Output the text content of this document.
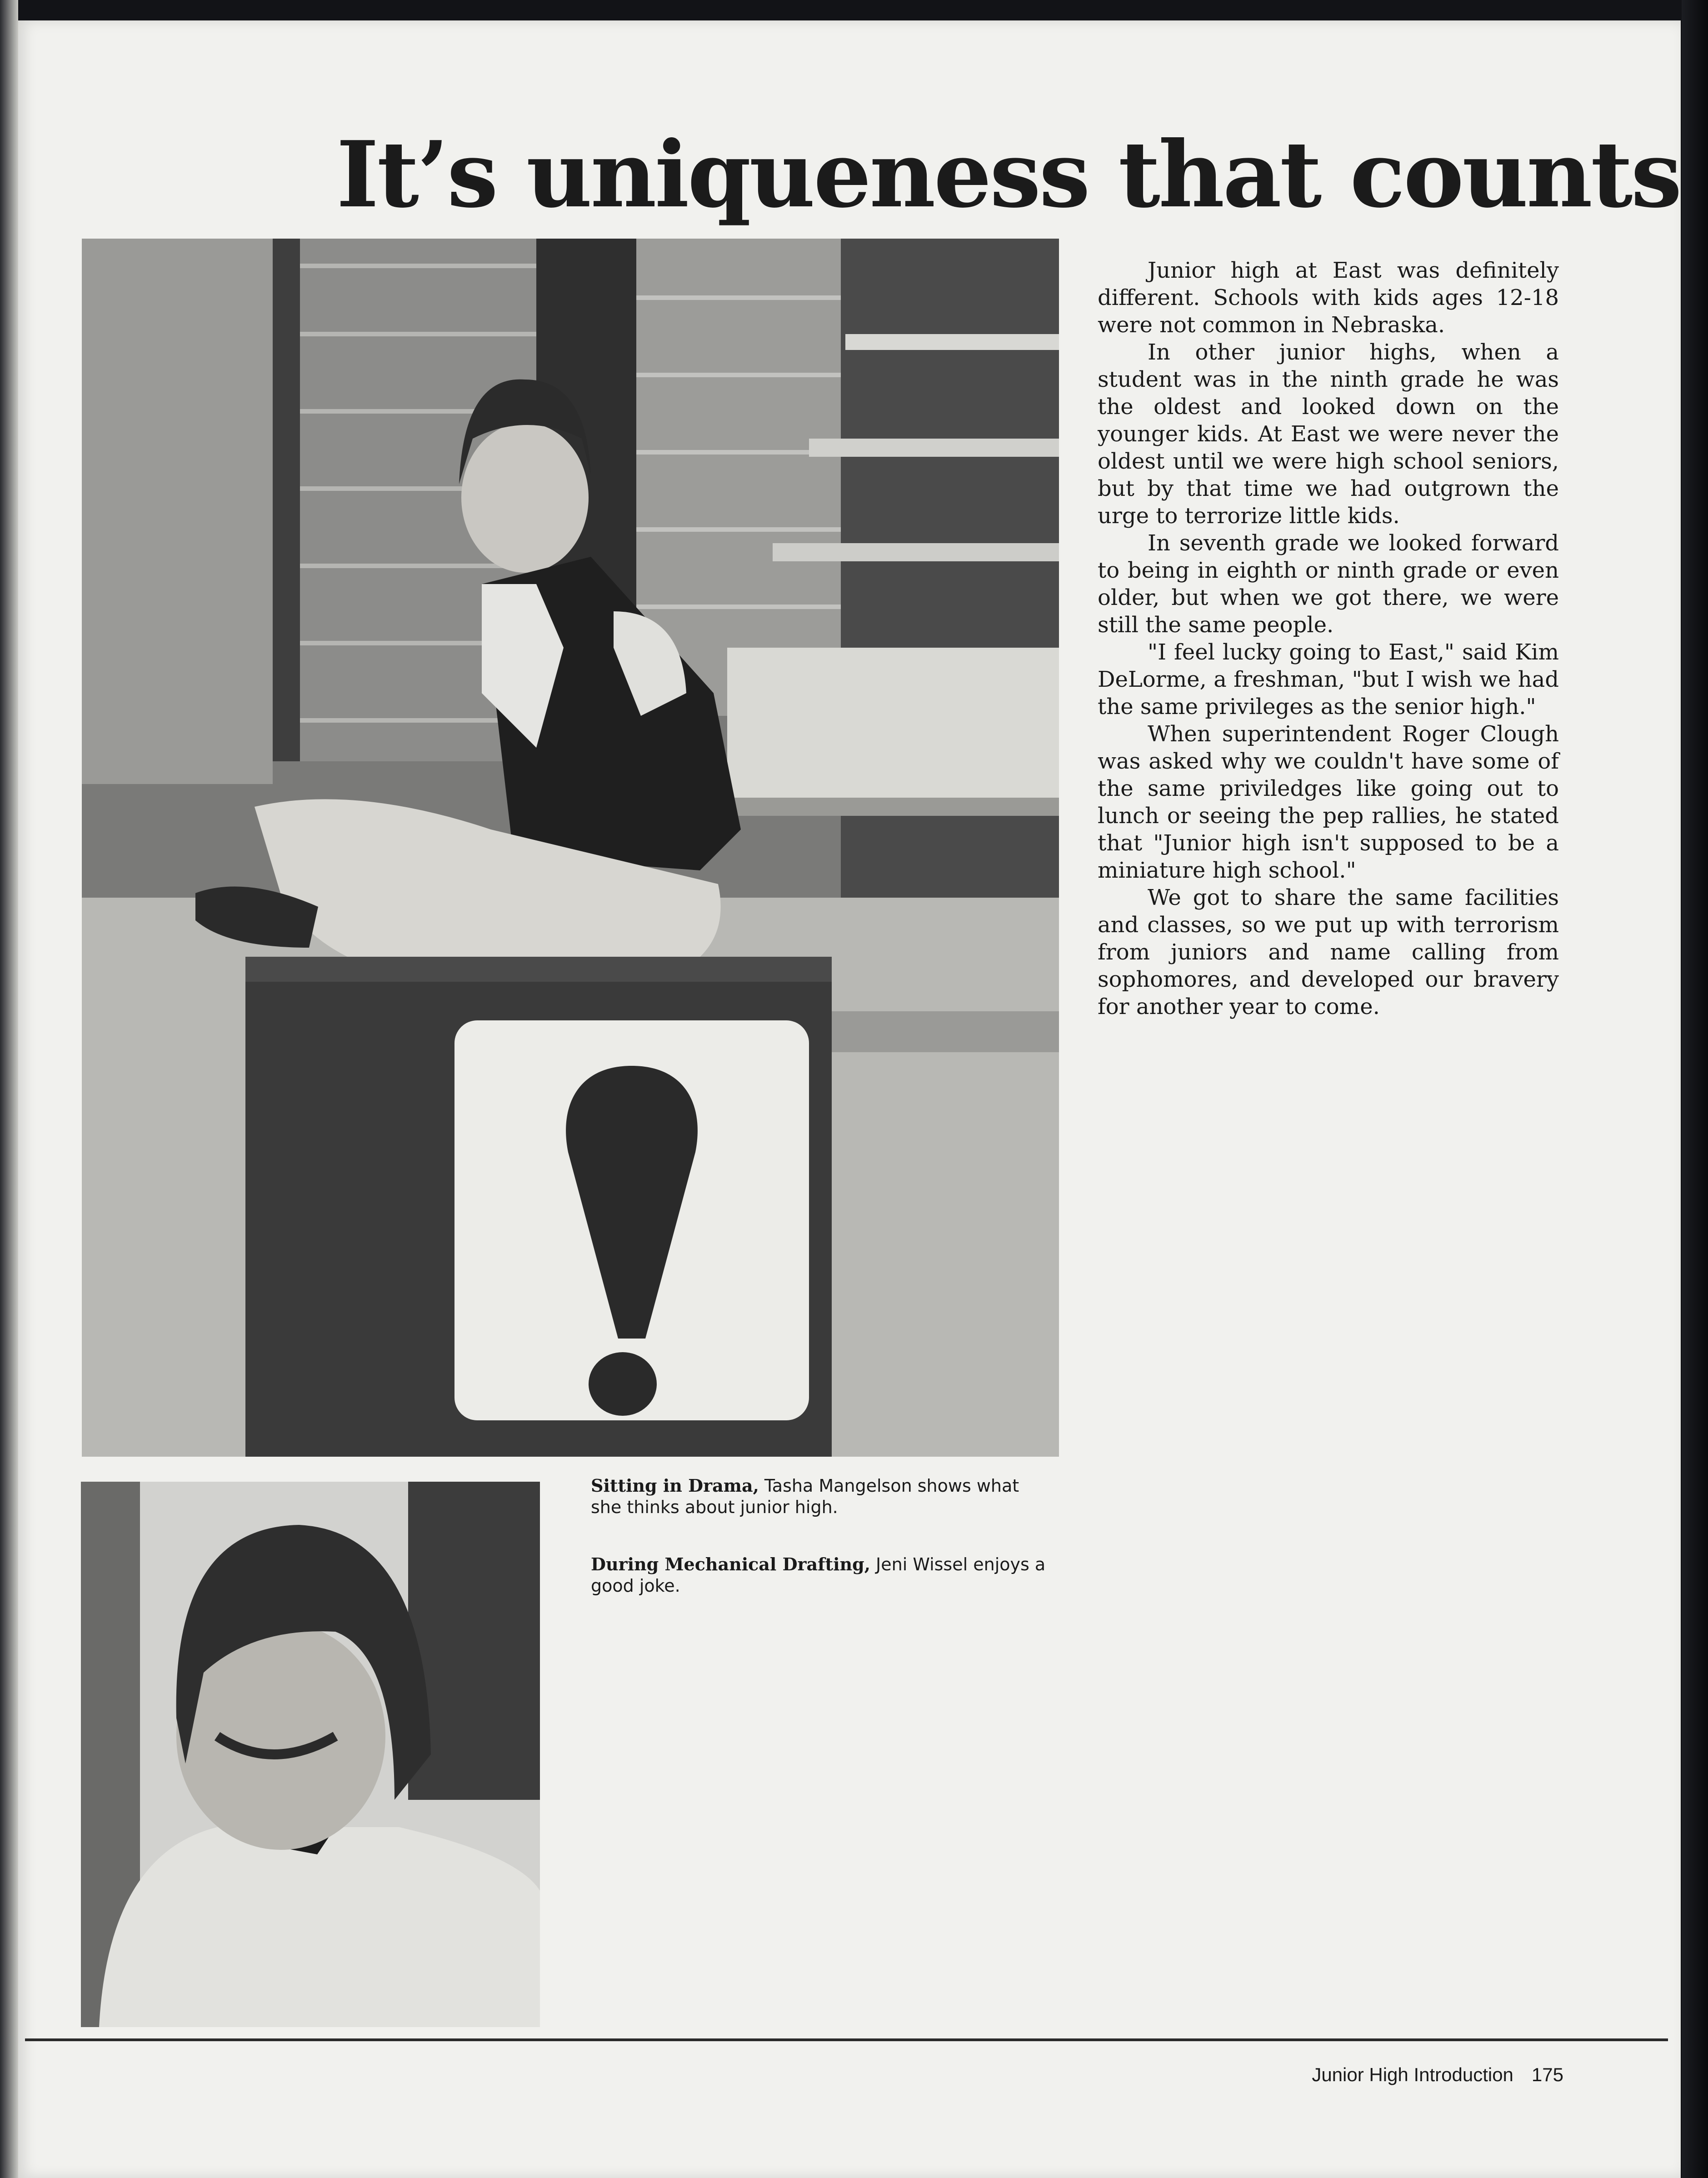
It’s uniqueness that counts

Junior high at East was definitely different. Schools with kids ages 12-18 were not common in Nebraska.

In other junior highs, when a student was in the ninth grade he was the oldest and looked down on the younger kids. At East we were never the oldest until we were high school seniors, but by that time we had outgrown the urge to terrorize little kids.

In seventh grade we looked forward to being in eighth or ninth grade or even older, but when we got there, we were still the same people.

"I feel lucky going to East," said Kim DeLorme, a freshman, "but I wish we had the same privileges as the senior high."

When superintendent Roger Clough was asked why we couldn't have some of the same priviledges like going out to lunch or seeing the pep rallies, he stated that "Junior high isn't supposed to be a miniature high school."

We got to share the same facilities and classes, so we put up with terrorism from juniors and name calling from sophomores, and developed our bravery for another year to come.

Sitting in Drama, Tasha Mangelson shows what she thinks about junior high.

During Mechanical Drafting, Jeni Wissel enjoys a good joke.

Junior High Introduction 175
